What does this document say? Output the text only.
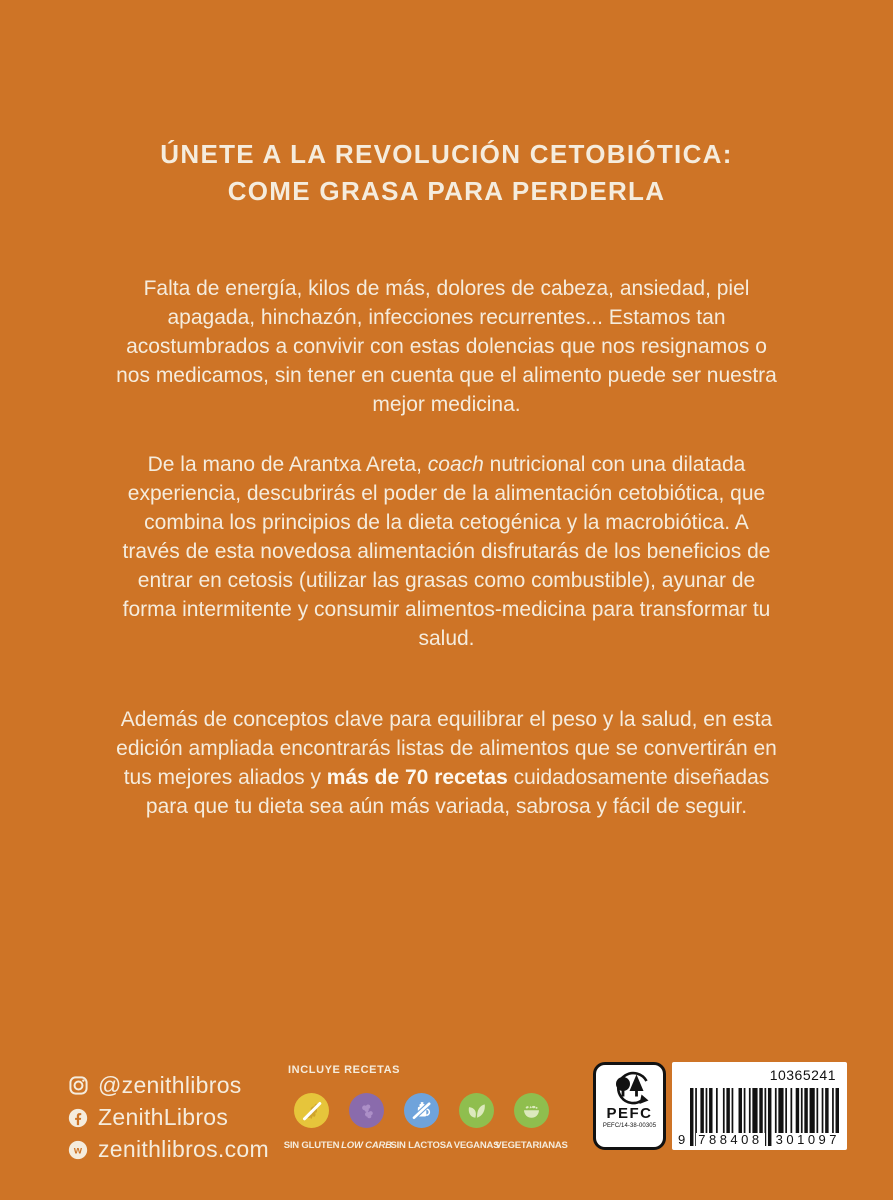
ÚNETE A LA REVOLUCIÓN CETOBIÓTICA:
COME GRASA PARA PERDERLA

Falta de energía, kilos de más, dolores de cabeza, ansiedad, piel apagada, hinchazón, infecciones recurrentes... Estamos tan acostumbrados a convivir con estas dolencias que nos resignamos o nos medicamos, sin tener en cuenta que el alimento puede ser nuestra mejor medicina.

De la mano de Arantxa Areta, coach nutricional con una dilatada experiencia, descubrirás el poder de la alimentación cetobiótica, que combina los principios de la dieta cetogénica y la macrobiótica. A través de esta novedosa alimentación disfrutarás de los beneficios de entrar en cetosis (utilizar las grasas como combustible), ayunar de forma intermitente y consumir alimentos-medicina para transformar tu salud.

Además de conceptos clave para equilibrar el peso y la salud, en esta edición ampliada encontrarás listas de alimentos que se convertirán en tus mejores aliados y más de 70 recetas cuidadosamente diseñadas para que tu dieta sea aún más variada, sabrosa y fácil de seguir.

@zenithlibros
ZenithLibros
w zenithlibros.com
INCLUYE RECETAS
SIN GLUTEN LOW CARB
SIN LACTOSA VEGANAS
VEGETARIANAS
PEFC
PEFC/14-38-00305
10365241
9 788408 301097
